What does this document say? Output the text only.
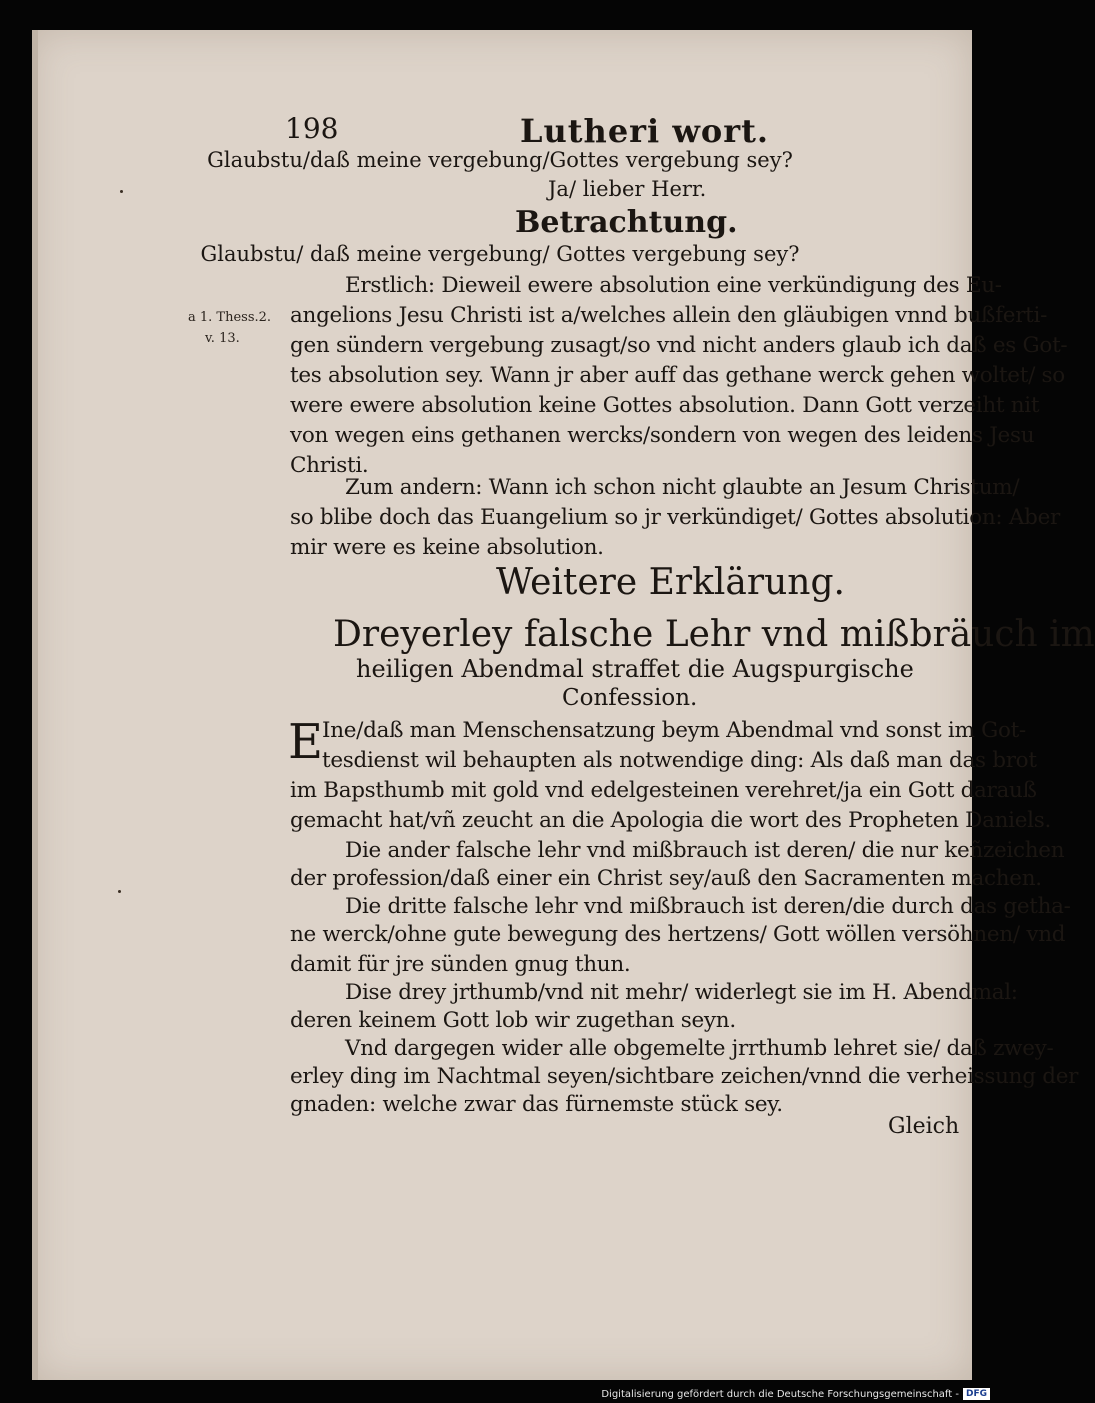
198	Lutheri wort.
Glaubstu/daß meine vergebung/Gottes vergebung sey?
Ja/ lieber Herr.
Betrachtung.
Glaubstu/ daß meine vergebung/ Gottes vergebung sey?
a 1. Thess.2.
v. 13.
Erstlich: Dieweil ewere absolution eine verkündigung des Eu-
angelions Jesu Christi ist a/welches allein den gläubigen vnnd bußferti-
gen sündern vergebung zusagt/so vnd nicht anders glaub ich daß es Got-
tes absolution sey. Wann jr aber auff das gethane werck gehen woltet/ so
were ewere absolution keine Gottes absolution. Dann Gott verzeiht nit
von wegen eins gethanen wercks/sondern von wegen des leidens Jesu
Christi.
Zum andern: Wann ich schon nicht glaubte an Jesum Christum/
so blibe doch das Euangelium so jr verkündiget/ Gottes absolution: Aber
mir were es keine absolution.
Weitere Erklärung.
Dreyerley falsche Lehr vnd mißbräuch im
heiligen Abendmal straffet die Augspurgische
Confession.
E
Ine/daß man Menschensatzung beym Abendmal vnd sonst im Got-
tesdienst wil behaupten als notwendige ding: Als daß man das brot
im Bapsthumb mit gold vnd edelgesteinen verehret/ja ein Gott darauß
gemacht hat/vñ zeucht an die Apologia die wort des Propheten Daniels.
Die ander falsche lehr vnd mißbrauch ist deren/ die nur keñzeichen
der profession/daß einer ein Christ sey/auß den Sacramenten machen.
Die dritte falsche lehr vnd mißbrauch ist deren/die durch das getha-
ne werck/ohne gute bewegung des hertzens/ Gott wöllen versöhnen/ vnd
damit für jre sünden gnug thun.
Dise drey jrthumb/vnd nit mehr/ widerlegt sie im H. Abendmal:
deren keinem Gott lob wir zugethan seyn.
Vnd dargegen wider alle obgemelte jrrthumb lehret sie/ daß zwey-
erley ding im Nachtmal seyen/sichtbare zeichen/vnnd die verheissung der
gnaden: welche zwar das fürnemste stück sey.
Gleich
Digitalisierung gefördert durch die Deutsche Forschungsgemeinschaft - DFG
